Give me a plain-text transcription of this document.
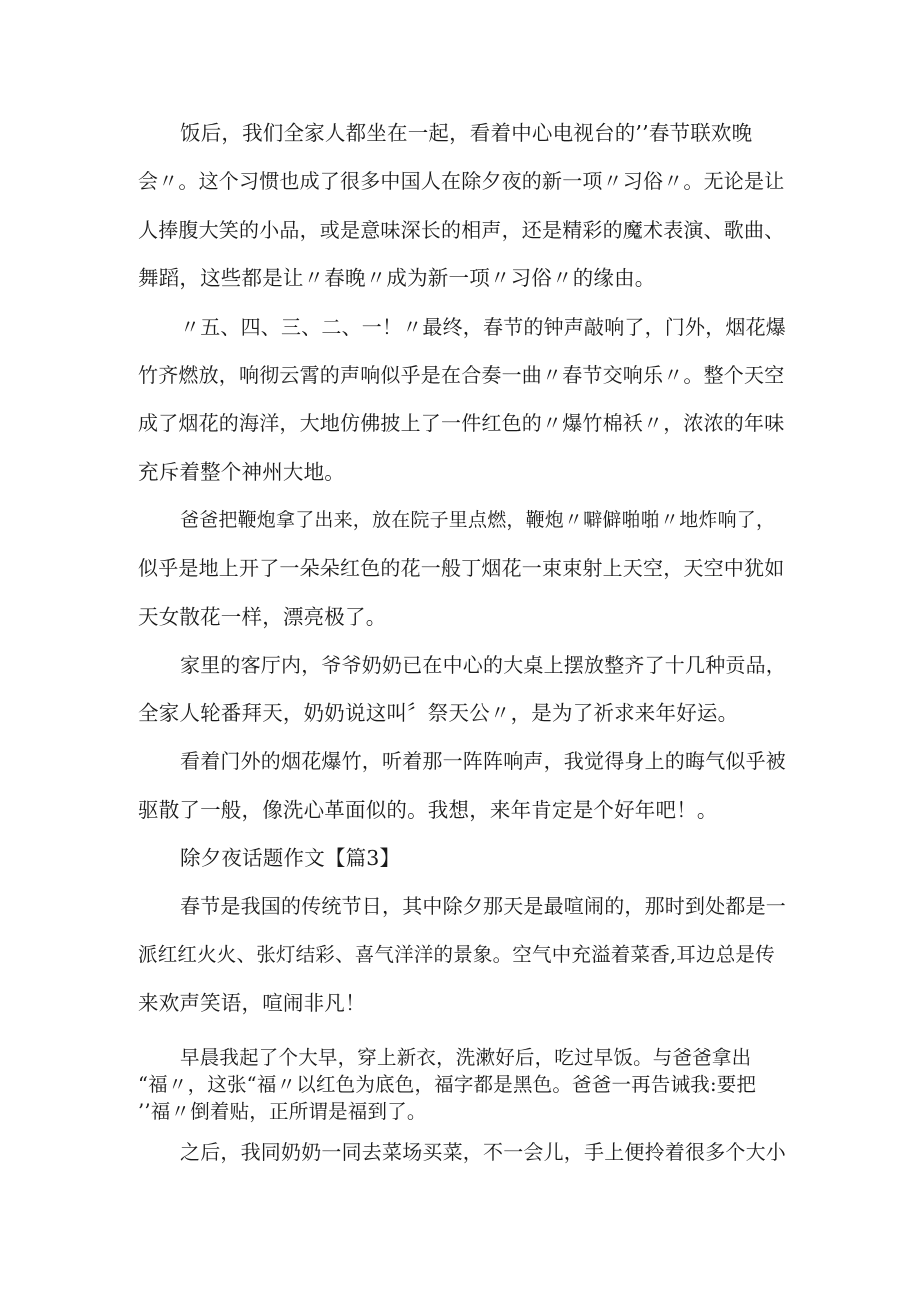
饭后，我们全家人都坐在一起，看着中心电视台的’’春节联欢晚
会〃。这个习惯也成了很多中国人在除夕夜的新一项〃习俗〃。无论是让
人捧腹大笑的小品，或是意味深长的相声，还是精彩的魔术表演、歌曲、
舞蹈，这些都是让〃春晚〃成为新一项〃习俗〃的缘由。
〃五、四、三、二、一！〃最终，春节的钟声敲响了，门外，烟花爆
竹齐燃放，响彻云霄的声响似乎是在合奏一曲〃春节交响乐〃。整个天空
成了烟花的海洋，大地仿佛披上了一件红色的〃爆竹棉袄〃，浓浓的年味
充斥着整个神州大地。
爸爸把鞭炮拿了出来，放在院子里点燃，鞭炮〃噼僻啪啪〃地炸响了，
似乎是地上开了一朵朵红色的花一般丁烟花一束束射上天空，天空中犹如
天女散花一样，漂亮极了。
家里的客厅内，爷爷奶奶已在中心的大桌上摆放整齐了十几种贡品，
全家人轮番拜天，奶奶说这叫〞祭天公〃，是为了祈求来年好运。
看着门外的烟花爆竹，听着那一阵阵响声，我觉得身上的晦气似乎被
驱散了一般，像洗心革面似的。我想，来年肯定是个好年吧！。
除夕夜话题作文【篇3】
春节是我国的传统节日，其中除夕那天是最喧闹的，那时到处都是一
派红红火火、张灯结彩、喜气洋洋的景象。空气中充溢着菜香,耳边总是传
来欢声笑语，喧闹非凡！
早晨我起了个大早，穿上新衣，洗漱好后，吃过早饭。与爸爸拿出
“福〃，这张“福〃以红色为底色，福字都是黑色。爸爸一再告诫我:要把
’’福〃倒着贴，正所谓是福到了。
之后，我同奶奶一同去菜场买菜，不一会儿，手上便拎着很多个大小
